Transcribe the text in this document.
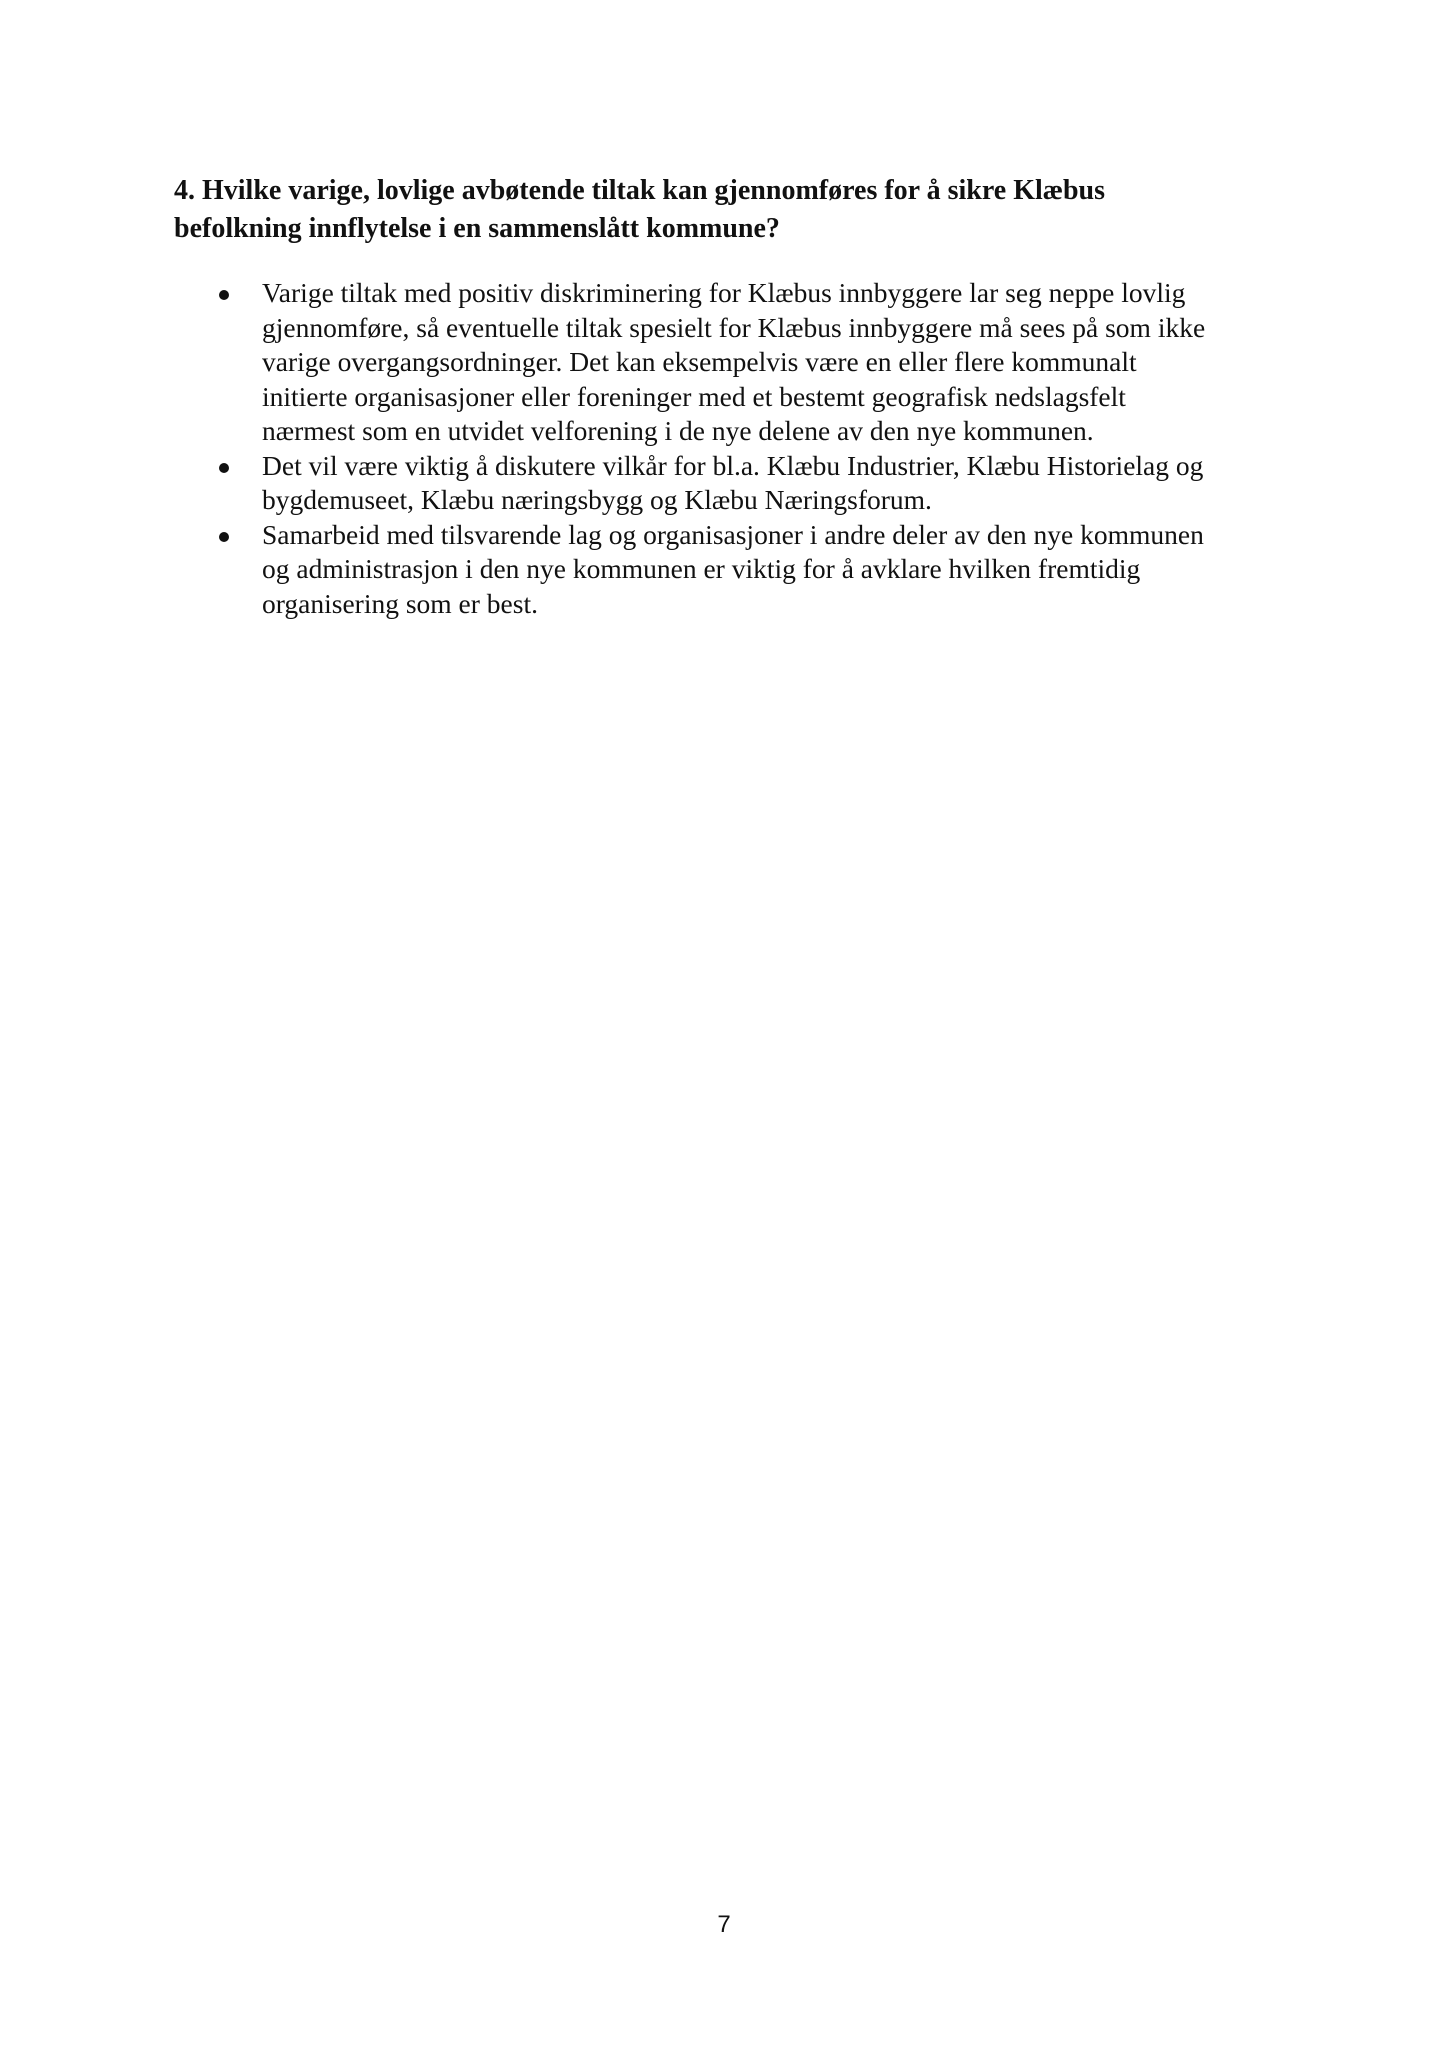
4. Hvilke varige, lovlige avbøtende tiltak kan gjennomføres for å sikre Klæbus
befolkning innflytelse i en sammenslått kommune?
Varige tiltak med positiv diskriminering for Klæbus innbyggere lar seg neppe lovlig
gjennomføre, så eventuelle tiltak spesielt for Klæbus innbyggere må sees på som ikke
varige overgangsordninger. Det kan eksempelvis være en eller flere kommunalt
initierte organisasjoner eller foreninger med et bestemt geografisk nedslagsfelt
nærmest som en utvidet velforening i de nye delene av den nye kommunen.
Det vil være viktig å diskutere vilkår for bl.a. Klæbu Industrier, Klæbu Historielag og
bygdemuseet, Klæbu næringsbygg og Klæbu Næringsforum.
Samarbeid med tilsvarende lag og organisasjoner i andre deler av den nye kommunen
og administrasjon i den nye kommunen er viktig for å avklare hvilken fremtidig
organisering som er best.
7
